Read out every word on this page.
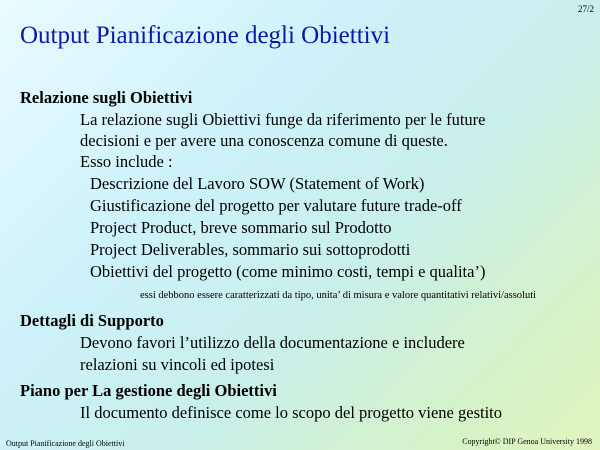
27/2
Output Pianificazione degli Obiettivi
Relazione sugli Obiettivi
La relazione sugli Obiettivi funge da riferimento per le future
decisioni e per avere una conoscenza comune di queste.
Esso include :
Descrizione del Lavoro SOW (Statement of Work)
Giustificazione del progetto per valutare future trade-off
Project Product, breve sommario sul Prodotto
Project Deliverables, sommario sui sottoprodotti
Obiettivi del progetto (come minimo costi, tempi e qualita’)
essi debbono essere caratterizzati da tipo, unita’ di misura e valore quantitativi relativi/assoluti
Dettagli di Supporto
Devono favori l’utilizzo della documentazione e includere
relazioni su vincoli ed ipotesi
Piano per La gestione degli Obiettivi
Il documento definisce come lo scopo del progetto viene gestito
Output Pianificazione degli Obiettivi	Copyright© DIP Genoa University 1998
